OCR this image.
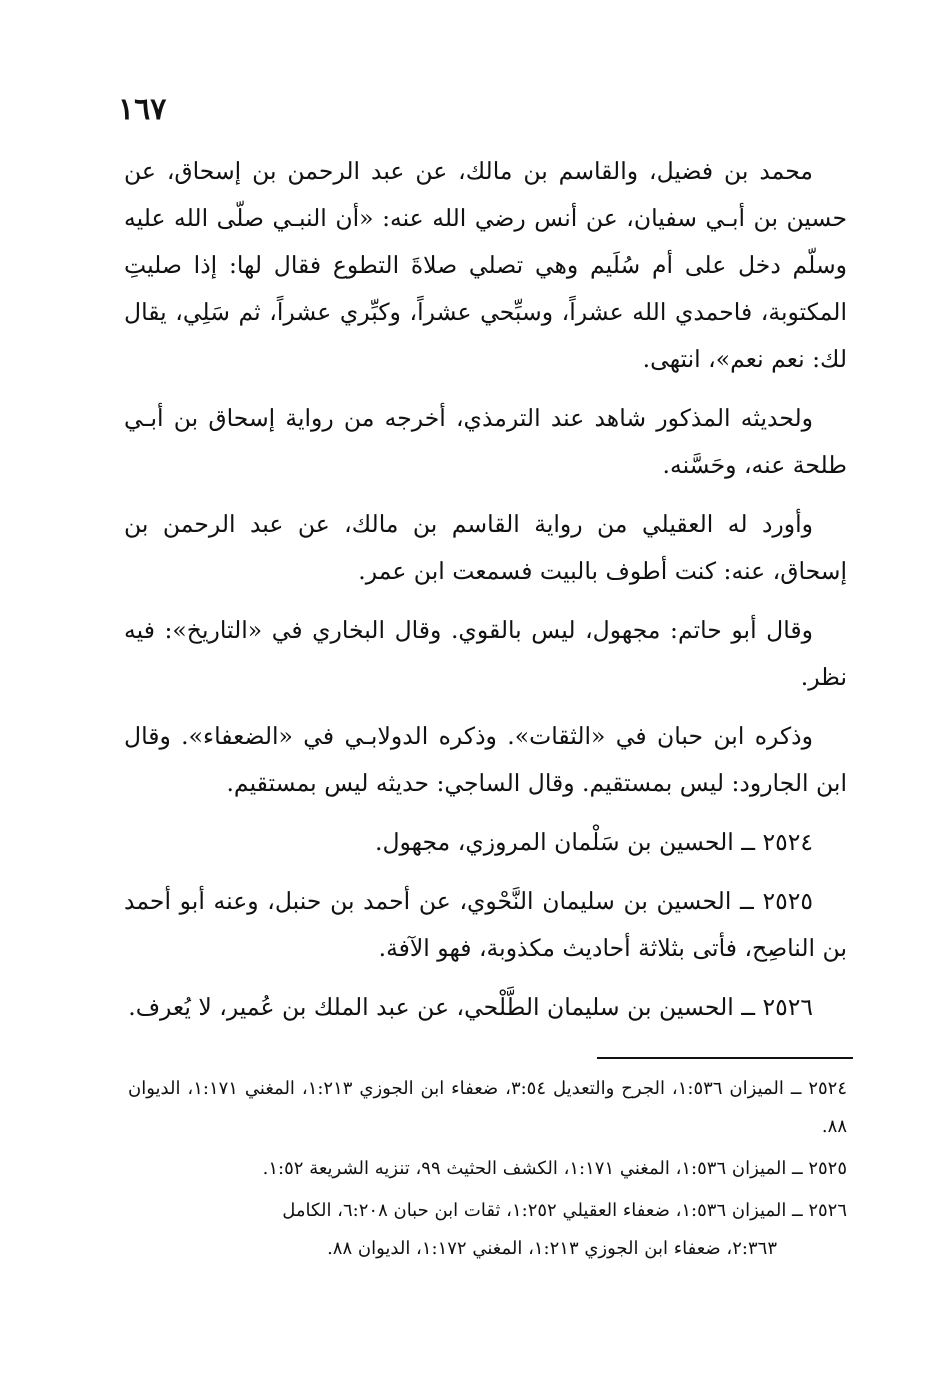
١٦٧

محمد بن فضيل، والقاسم بن مالك، عن عبد الرحمن بن إسحاق، عن حسين بن أبـي سفيان، عن أنس رضي الله عنه: «أن النبـي صلّى الله عليه وسلّم دخل على أم سُلَيم وهي تصلي صلاةَ التطوع فقال لها: إذا صليتِ المكتوبة، فاحمدي الله عشراً، وسبِّحي عشراً، وكبِّري عشراً، ثم سَلِي، يقال لك: نعم نعم»، انتهى.

ولحديثه المذكور شاهد عند الترمذي، أخرجه من رواية إسحاق بن أبـي طلحة عنه، وحَسَّنه.

وأورد له العقيلي من رواية القاسم بن مالك، عن عبد الرحمن بن إسحاق، عنه: كنت أطوف بالبيت فسمعت ابن عمر.

وقال أبو حاتم: مجهول، ليس بالقوي. وقال البخاري في «التاريخ»: فيه نظر.

وذكره ابن حبان في «الثقات». وذكره الدولابـي في «الضعفاء». وقال ابن الجارود: ليس بمستقيم. وقال الساجي: حديثه ليس بمستقيم.

٢٥٢٤ ــ الحسين بن سَلْمان المروزي، مجهول.

٢٥٢٥ ــ الحسين بن سليمان النَّحْوي، عن أحمد بن حنبل، وعنه أبو أحمد بن الناصِح، فأتى بثلاثة أحاديث مكذوبة، فهو الآفة.

٢٥٢٦ ــ الحسين بن سليمان الطَّلْحي، عن عبد الملك بن عُمير، لا يُعرف.

٢٥٢٤ ــ الميزان ١:٥٣٦، الجرح والتعديل ٣:٥٤، ضعفاء ابن الجوزي ١:٢١٣، المغني ١:١٧١، الديوان ٨٨.

٢٥٢٥ ــ الميزان ١:٥٣٦، المغني ١:١٧١، الكشف الحثيث ٩٩، تنزيه الشريعة ١:٥٢.

٢٥٢٦ ــ الميزان ١:٥٣٦، ضعفاء العقيلي ١:٢٥٢، ثقات ابن حبان ٦:٢٠٨، الكامل
٢:٣٦٣، ضعفاء ابن الجوزي ١:٢١٣، المغني ١:١٧٢، الديوان ٨٨.
